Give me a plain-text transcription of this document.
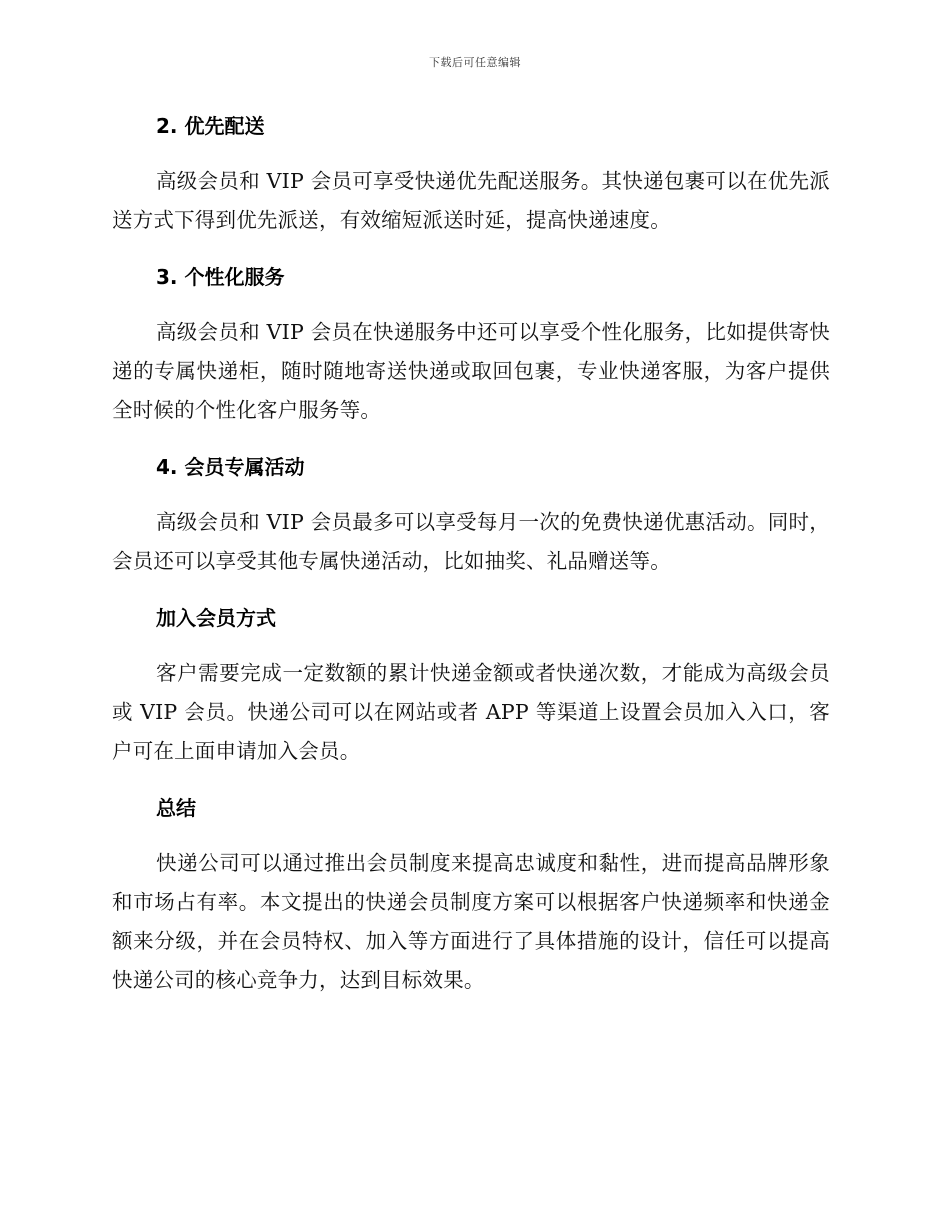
下载后可任意编辑
2. 优先配送

高级会员和 VIP 会员可享受快递优先配送服务。其快递包裹可以在优先派送方式下得到优先派送，有效缩短派送时延，提高快递速度。

3. 个性化服务

高级会员和 VIP 会员在快递服务中还可以享受个性化服务，比如提供寄快递的专属快递柜，随时随地寄送快递或取回包裹，专业快递客服，为客户提供全时候的个性化客户服务等。

4. 会员专属活动

高级会员和 VIP 会员最多可以享受每月一次的免费快递优惠活动。同时，会员还可以享受其他专属快递活动，比如抽奖、礼品赠送等。

加入会员方式

客户需要完成一定数额的累计快递金额或者快递次数，才能成为高级会员或 VIP 会员。快递公司可以在网站或者 APP 等渠道上设置会员加入入口，客户可在上面申请加入会员。

总结

快递公司可以通过推出会员制度来提高忠诚度和黏性，进而提高品牌形象和市场占有率。本文提出的快递会员制度方案可以根据客户快递频率和快递金额来分级，并在会员特权、加入等方面进行了具体措施的设计，信任可以提高快递公司的核心竞争力，达到目标效果。
